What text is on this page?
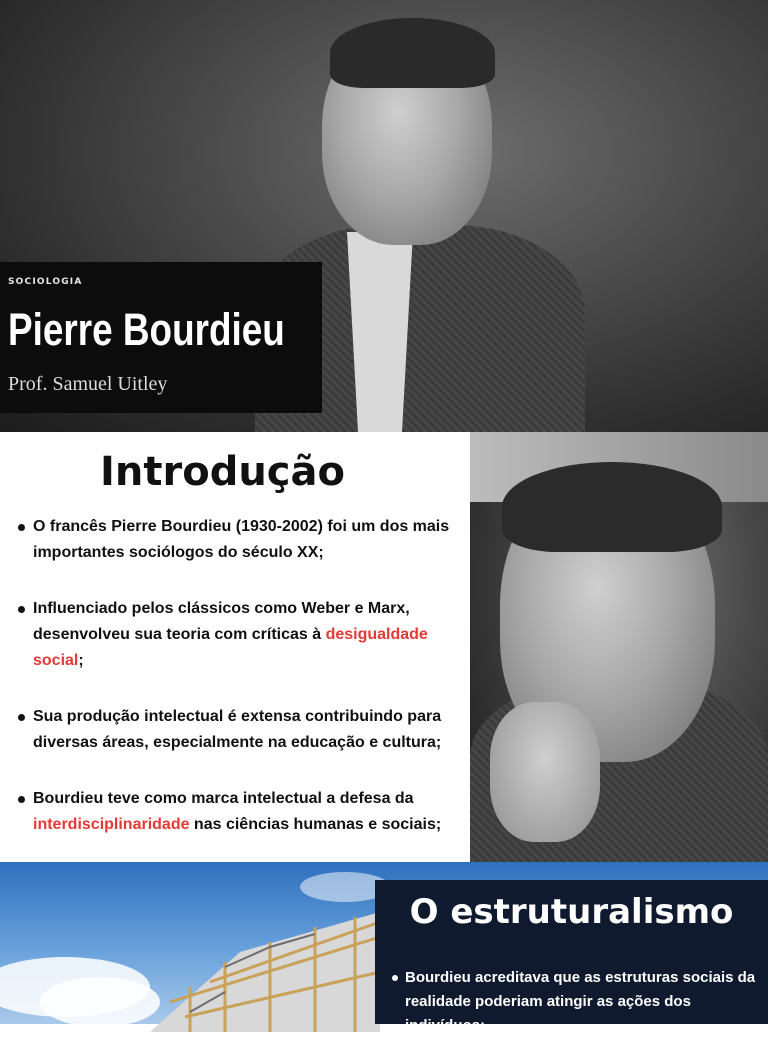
SOCIOLOGIA

Pierre Bourdieu

Prof. Samuel Uitley

Introdução
O francês Pierre Bourdieu (1930-2002) foi um dos mais importantes sociólogos do século XX;
Influenciado pelos clássicos como Weber e Marx, desenvolveu sua teoria com críticas à desigualdade social;
Sua produção intelectual é extensa contribuindo para diversas áreas, especialmente na educação e cultura;
Bourdieu teve como marca intelectual a defesa da interdisciplinaridade nas ciências humanas e sociais;
O estruturalismo
Bourdieu acreditava que as estruturas sociais da realidade poderiam atingir as ações dos indivíduos;
